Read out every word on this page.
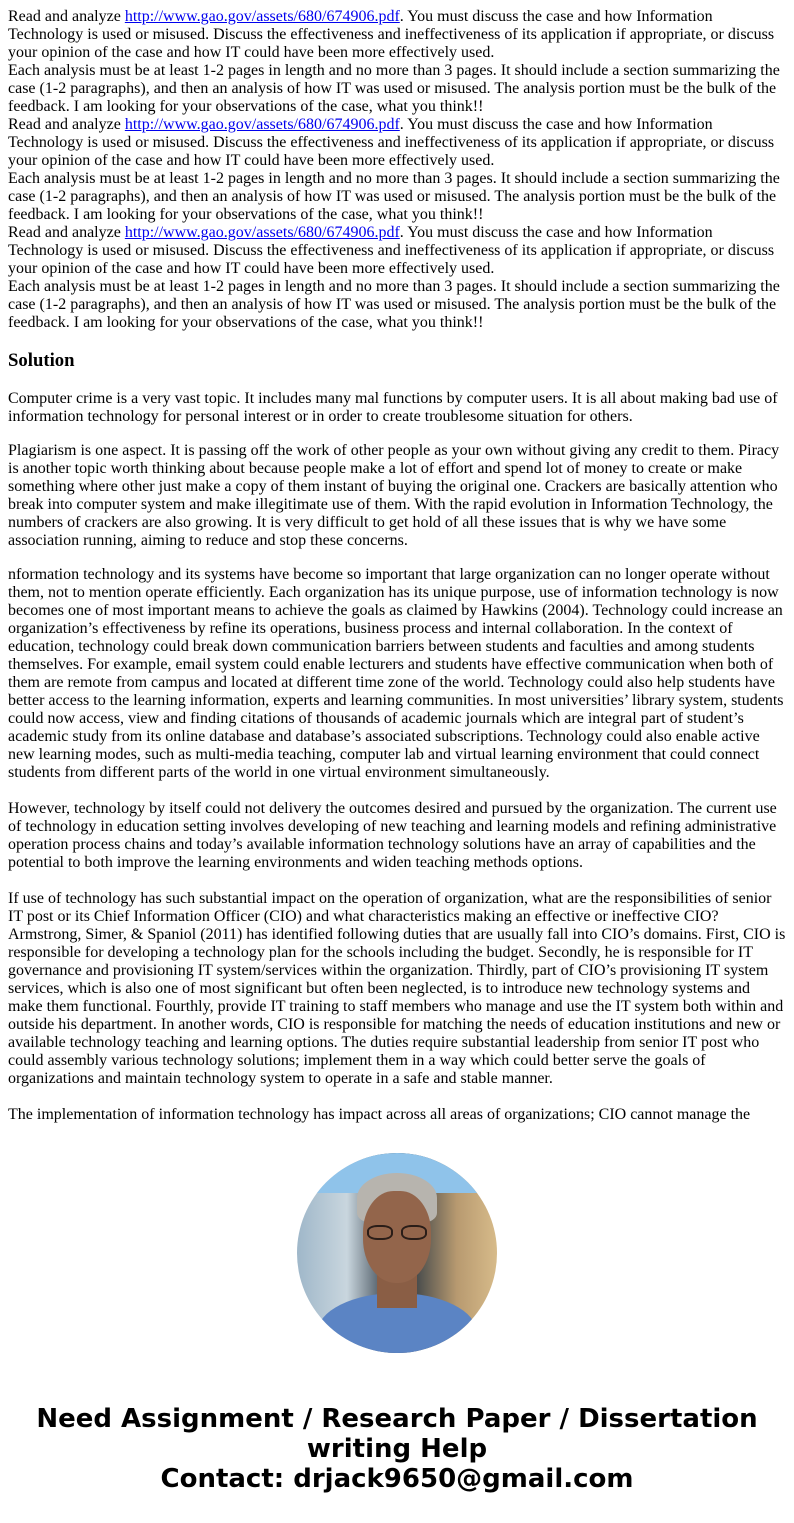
Read and analyze http://www.gao.gov/assets/680/674906.pdf. You must discuss the case and how Information Technology is used or misused. Discuss the effectiveness and ineffectiveness of its application if appropriate, or discuss your opinion of the case and how IT could have been more effectively used.
Each analysis must be at least 1-2 pages in length and no more than 3 pages. It should include a section summarizing the case (1-2 paragraphs), and then an analysis of how IT was used or misused. The analysis portion must be the bulk of the feedback. I am looking for your observations of the case, what you think!!
Read and analyze http://www.gao.gov/assets/680/674906.pdf. You must discuss the case and how Information Technology is used or misused. Discuss the effectiveness and ineffectiveness of its application if appropriate, or discuss your opinion of the case and how IT could have been more effectively used.
Each analysis must be at least 1-2 pages in length and no more than 3 pages. It should include a section summarizing the case (1-2 paragraphs), and then an analysis of how IT was used or misused. The analysis portion must be the bulk of the feedback. I am looking for your observations of the case, what you think!!
Read and analyze http://www.gao.gov/assets/680/674906.pdf. You must discuss the case and how Information Technology is used or misused. Discuss the effectiveness and ineffectiveness of its application if appropriate, or discuss your opinion of the case and how IT could have been more effectively used.
Each analysis must be at least 1-2 pages in length and no more than 3 pages. It should include a section summarizing the case (1-2 paragraphs), and then an analysis of how IT was used or misused. The analysis portion must be the bulk of the feedback. I am looking for your observations of the case, what you think!!
Solution

Computer crime is a very vast topic. It includes many mal functions by computer users. It is all about making bad use of information technology for personal interest or in order to create troublesome situation for others.

Plagiarism is one aspect. It is passing off the work of other people as your own without giving any credit to them. Piracy is another topic worth thinking about because people make a lot of effort and spend lot of money to create or make something where other just make a copy of them instant of buying the original one. Crackers are basically attention who break into computer system and make illegitimate use of them. With the rapid evolution in Information Technology, the numbers of crackers are also growing. It is very difficult to get hold of all these issues that is why we have some association running, aiming to reduce and stop these concerns.

nformation technology and its systems have become so important that large organization can no longer operate without them, not to mention operate efficiently. Each organization has its unique purpose, use of information technology is now becomes one of most important means to achieve the goals as claimed by Hawkins (2004). Technology could increase an organization’s effectiveness by refine its operations, business process and internal collaboration. In the context of education, technology could break down communication barriers between students and faculties and among students themselves. For example, email system could enable lecturers and students have effective communication when both of them are remote from campus and located at different time zone of the world. Technology could also help students have better access to the learning information, experts and learning communities. In most universities’ library system, students could now access, view and finding citations of thousands of academic journals which are integral part of student’s academic study from its online database and database’s associated subscriptions. Technology could also enable active new learning modes, such as multi-media teaching, computer lab and virtual learning environment that could connect students from different parts of the world in one virtual environment simultaneously.

However, technology by itself could not delivery the outcomes desired and pursued by the organization. The current use of technology in education setting involves developing of new teaching and learning models and refining administrative operation process chains and today’s available information technology solutions have an array of capabilities and the potential to both improve the learning environments and widen teaching methods options.

If use of technology has such substantial impact on the operation of organization, what are the responsibilities of senior IT post or its Chief Information Officer (CIO) and what characteristics making an effective or ineffective CIO? Armstrong, Simer, & Spaniol (2011) has identified following duties that are usually fall into CIO’s domains. First, CIO is responsible for developing a technology plan for the schools including the budget. Secondly, he is responsible for IT governance and provisioning IT system/services within the organization. Thirdly, part of CIO’s provisioning IT system services, which is also one of most significant but often been neglected, is to introduce new technology systems and make them functional. Fourthly, provide IT training to staff members who manage and use the IT system both within and outside his department. In another words, CIO is responsible for matching the needs of education institutions and new or available technology teaching and learning options. The duties require substantial leadership from senior IT post who could assembly various technology solutions; implement them in a way which could better serve the goals of organizations and maintain technology system to operate in a safe and stable manner.

The implementation of information technology has impact across all areas of organizations; CIO cannot manage the

Need Assignment / Research Paper / Dissertation writing Help
Contact: drjack9650@gmail.com
